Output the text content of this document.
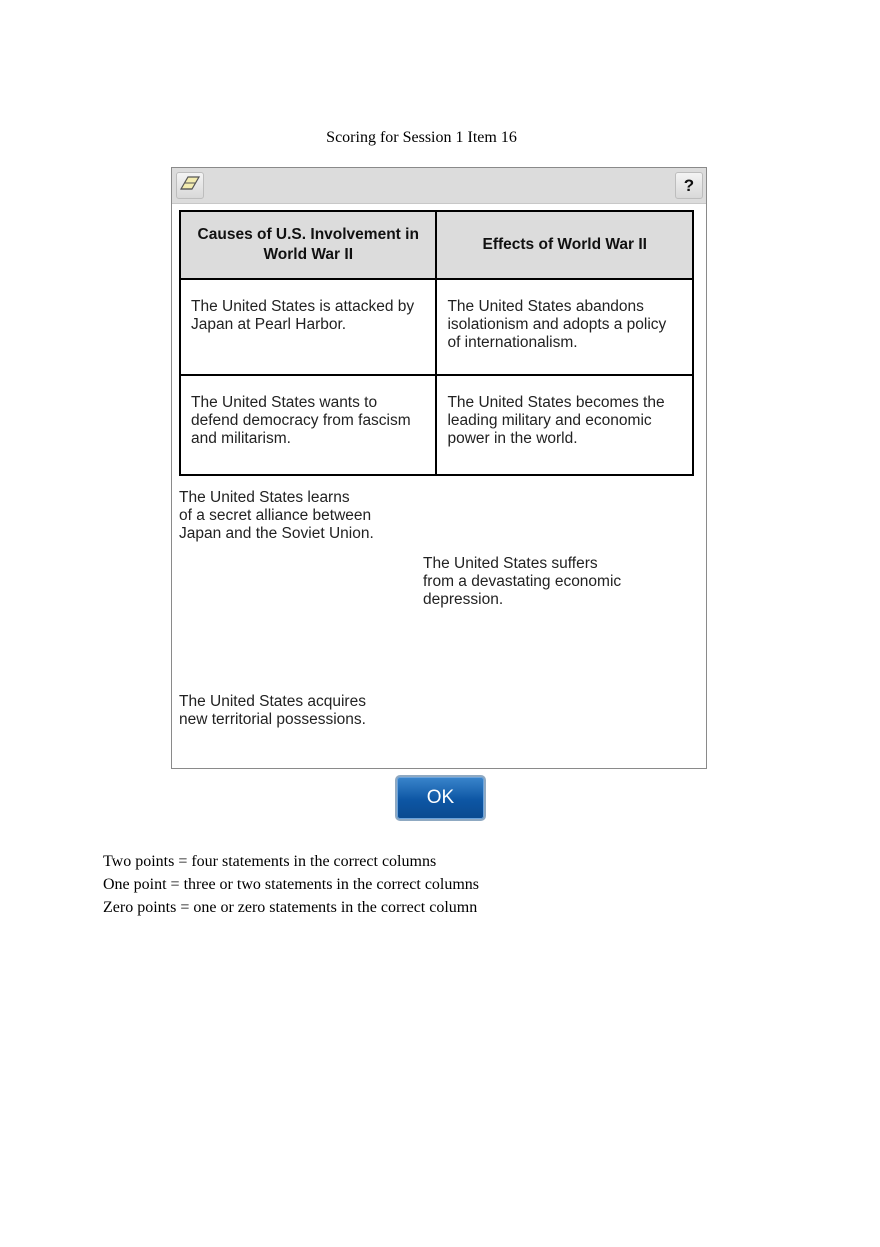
Scoring for Session 1 Item 16
?
Causes of U.S. Involvement in World War II	Effects of World War II
The United States is attacked by Japan at Pearl Harbor.	The United States abandons isolationism and adopts a policy of internationalism.
The United States wants to defend democracy from fascism and militarism.	The United States becomes the leading military and economic power in the world.
The United States learns
of a secret alliance between
Japan and the Soviet Union.
The United States suffers
from a devastating economic
depression.
The United States acquires
new territorial possessions.
OK
Two points = four statements in the correct columns
One point = three or two statements in the correct columns
Zero points = one or zero statements in the correct column
